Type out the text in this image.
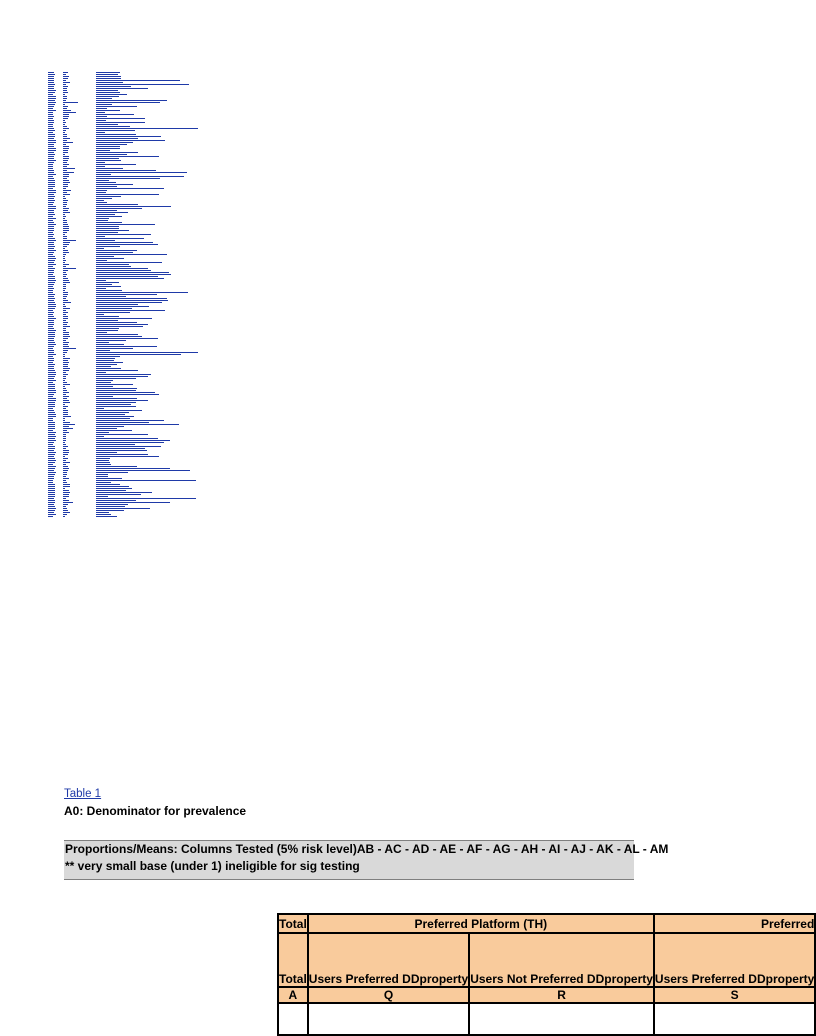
Table 1
A0: Denominator for prevalence
Proportions/Means: Columns Tested (5% risk level)AB - AC - AD - AE - AF - AG - AH - AI - AJ - AK - AL - AM
** very small base (under 1) ineligible for sig testing
Total	Preferred Platform (TH)		Preferred
Total	Users Preferred DDproperty	Users Not Preferred DDproperty	Users Preferred DDproperty
A	Q	R	S
